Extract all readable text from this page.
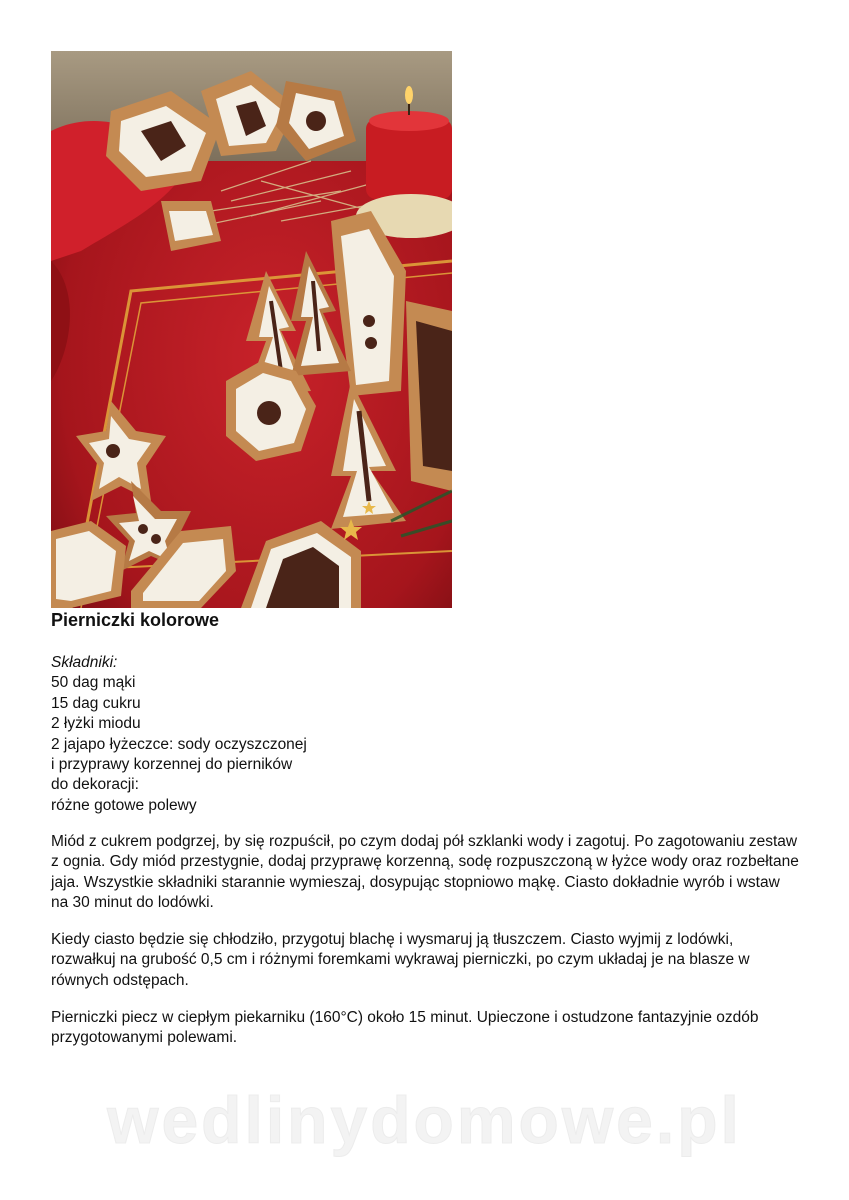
Pierniczki kolorowe
Składniki:
50 dag mąki
15 dag cukru
2 łyżki miodu
2 jajapo łyżeczce: sody oczyszczonej
i przyprawy korzennej do pierników
do dekoracji:
różne gotowe polewy

Miód z cukrem podgrzej, by się rozpuścił, po czym dodaj pół szklanki wody i zagotuj. Po zagotowaniu zestaw z ognia. Gdy miód przestygnie, dodaj przyprawę korzenną, sodę rozpuszczoną w łyżce wody oraz rozbełtane jaja. Wszystkie składniki starannie wymieszaj, dosypując stopniowo mąkę. Ciasto dokładnie wyrób i wstaw na 30 minut do lodówki.

Kiedy ciasto będzie się chłodziło, przygotuj blachę i wysmaruj ją tłuszczem. Ciasto wyjmij z lodówki, rozwałkuj na grubość 0,5 cm i różnymi foremkami wykrawaj pierniczki, po czym układaj je na blasze w równych odstępach.

Pierniczki piecz w ciepłym piekarniku (160°C) około 15 minut. Upieczone i ostudzone fantazyjnie ozdób przygotowanymi polewami.

wedlinydomowe.pl
